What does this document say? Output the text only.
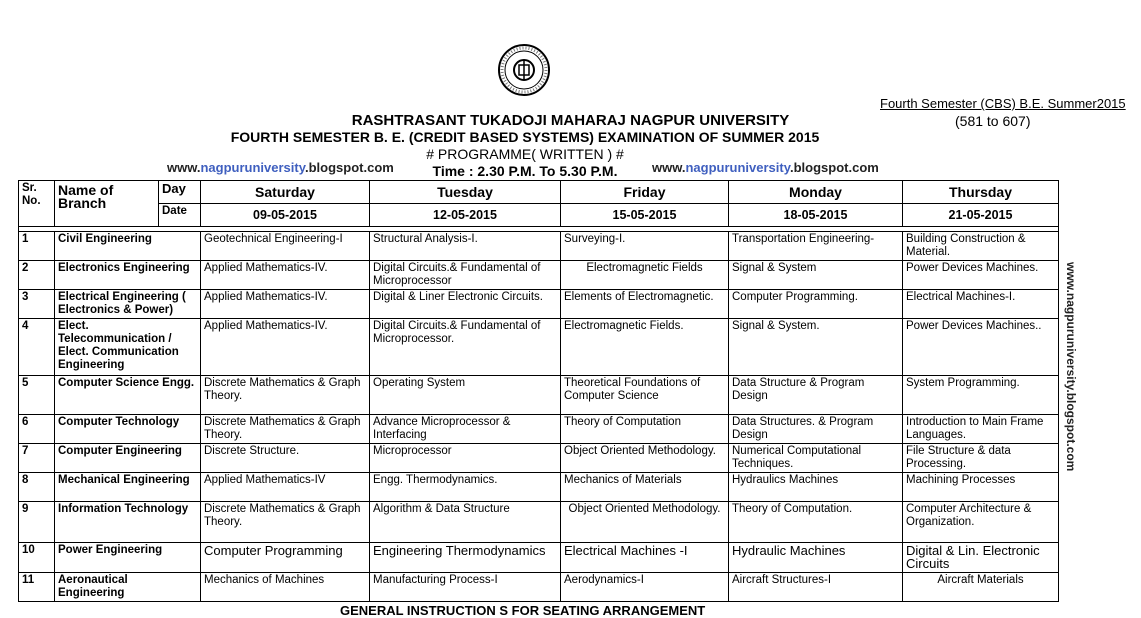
Fourth Semester (CBS) B.E. Summer2015
(581 to 607)
RASHTRASANT TUKADOJI MAHARAJ NAGPUR UNIVERSITY
FOURTH SEMESTER B. E. (CREDIT BASED SYSTEMS) EXAMINATION OF SUMMER 2015
# PROGRAMME( WRITTEN ) #
Time : 2.30 P.M. To 5.30 P.M.
www.nagpuruniversity.blogspot.com	www.nagpuruniversity.blogspot.com
www.nagpuruniversity.blogspot.com
Sr. No.	Name of Branch	Day	Saturday	Tuesday	Friday	Monday	Thursday
		Date	09-05-2015	12-05-2015	15-05-2015	18-05-2015	21-05-2015

1	Civil Engineering		Geotechnical Engineering-I	Structural Analysis-I.	Surveying-I.	Transportation Engineering-	Building Construction & Material.
2	Electronics Engineering		Applied Mathematics-IV.	Digital Circuits.& Fundamental of Microprocessor	Electromagnetic Fields	Signal & System	Power Devices Machines.
3	Electrical Engineering ( Electronics & Power)		Applied Mathematics-IV.	Digital & Liner Electronic Circuits.	Elements of Electromagnetic.	Computer Programming.	Electrical Machines-I.
4	Elect. Telecommunication / Elect. Communication Engineering		Applied Mathematics-IV.	Digital Circuits.& Fundamental of Microprocessor.	Electromagnetic Fields.	Signal & System.	Power Devices Machines..
5	Computer Science Engg.		Discrete Mathematics & Graph Theory.	Operating System	Theoretical Foundations of Computer Science	Data Structure & Program Design	System Programming.
6	Computer Technology		Discrete Mathematics & Graph Theory.	Advance Microprocessor & Interfacing	Theory of Computation	Data Structures. & Program Design	Introduction to Main Frame Languages.
7	Computer Engineering		Discrete Structure.	Microprocessor	Object Oriented Methodology.	Numerical Computational Techniques.	File Structure & data Processing.
8	Mechanical Engineering		Applied Mathematics-IV	Engg. Thermodynamics.	Mechanics of Materials	Hydraulics Machines	Machining Processes
9	Information Technology		Discrete Mathematics & Graph Theory.	Algorithm & Data Structure	Object Oriented Methodology.	Theory of Computation.	Computer Architecture & Organization.
10	Power Engineering		Computer Programming	Engineering Thermodynamics	Electrical Machines -I	Hydraulic Machines	Digital & Lin. Electronic Circuits
11	Aeronautical Engineering		Mechanics of Machines	Manufacturing Process-I	Aerodynamics-I	Aircraft Structures-I	Aircraft Materials
GENERAL INSTRUCTION S FOR SEATING ARRANGEMENT
